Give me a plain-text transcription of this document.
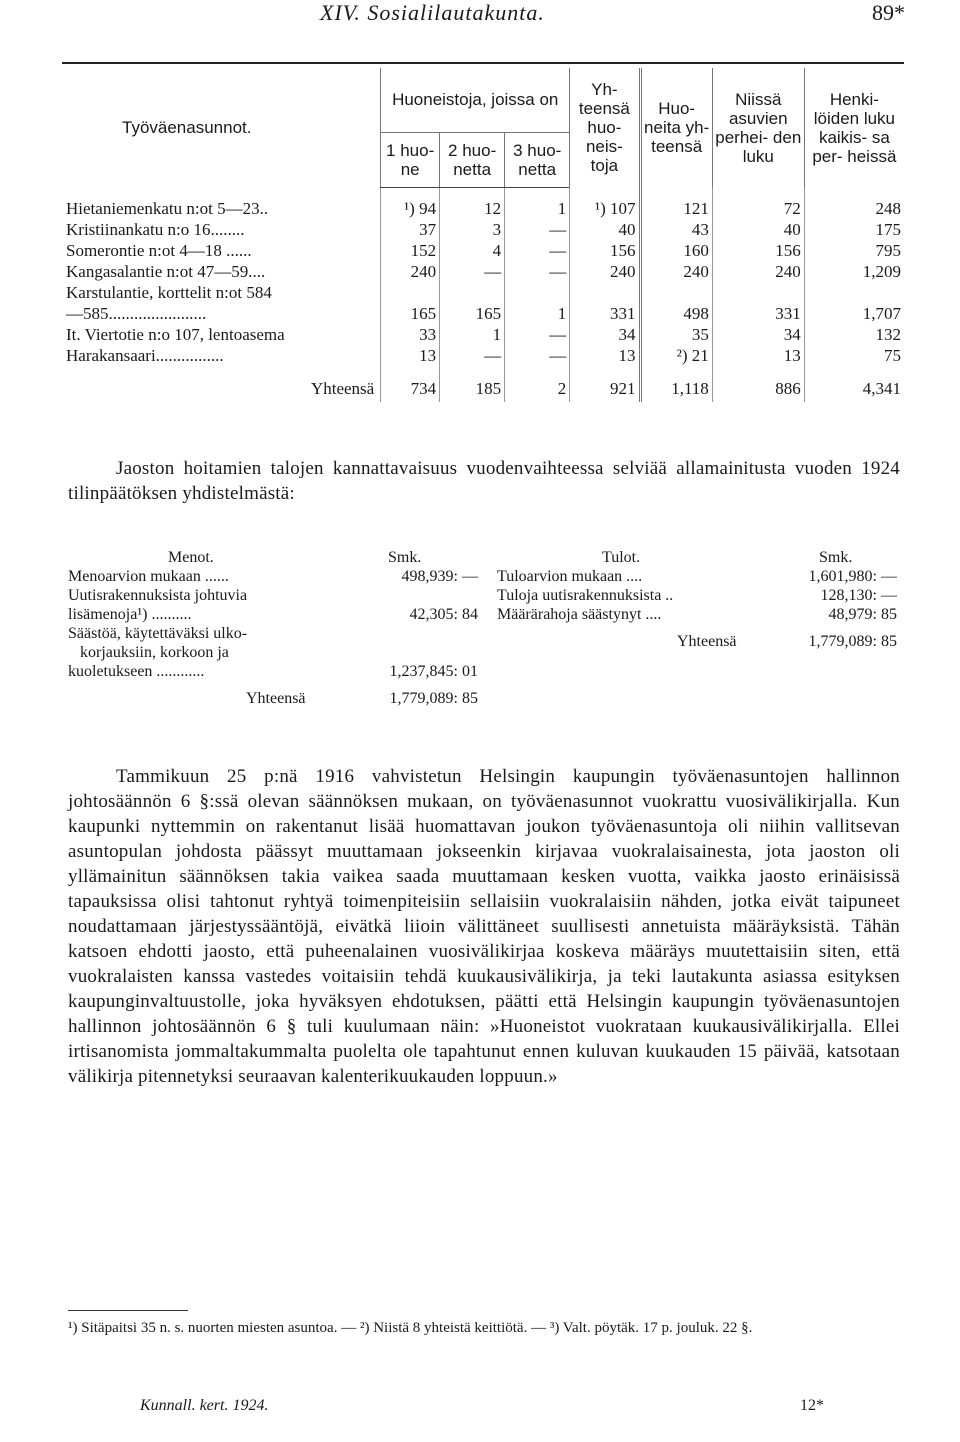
XIV. Sosialilautakunta.	89*
Työväenasunnot.	Huoneistoja, joissa on			Yh- teensä huo- neis- toja	Huo- neita yh- teensä	Niissä asuvien perhei- den luku	Henki- löiden luku kaikis- sa per- heissä
	1 huo- ne	2 huo- netta	3 huo- netta				

Hietaniemenkatu n:ot 5—23..	¹) 94	12	1	¹) 107	121	72	248
Kristiinankatu n:o 16........	37	3	—	40	43	40	175
Somerontie n:ot 4—18 ......	152	4	—	156	160	156	795
Kangasalantie n:ot 47—59....	240	—	—	240	240	240	1,209
Karstulantie, korttelit n:ot 584							
—585.......................	165	165	1	331	498	331	1,707
It. Viertotie n:o 107, lentoasema	33	1	—	34	35	34	132
Harakansaari................	13	—	—	13	²) 21	13	75

Yhteensä	734	185	2	921	1,118	886	4,341
Jaoston hoitamien talojen kannattavaisuus vuodenvaihteessa selviää allamainitusta vuoden 1924 tilinpäätöksen yhdistelmästä:
Menot.	Smk.
Menoarvion mukaan ......	498,939: —
Uutisrakennuksista johtuvia
lisämenoja¹) ..........	42,305: 84
Säästöä, käytettäväksi ulko-
korjauksiin, korkoon ja
kuoletukseen ............	1,237,845: 01
Yhteensä	1,779,089: 85
Tulot.	Smk.
Tuloarvion mukaan ....	1,601,980: —
Tuloja uutisrakennuksista ..	128,130: —
Määrärahoja säästynyt ....	48,979: 85
Yhteensä	1,779,089: 85
Tammikuun 25 p:nä 1916 vahvistetun Helsingin kaupungin työväenasuntojen hallinnon johtosäännön 6 §:ssä olevan säännöksen mukaan, on työväenasunnot vuokrattu vuosivälikirjalla. Kun kaupunki nyttemmin on rakentanut lisää huomattavan joukon työväenasuntoja oli niihin vallitsevan asuntopulan johdosta päässyt muuttamaan jokseenkin kirjavaa vuokralaisainesta, jota jaoston oli yllämainitun säännöksen takia vaikea saada muuttamaan kesken vuotta, vaikka jaosto erinäisissä tapauksissa olisi tahtonut ryhtyä toimenpiteisiin sellaisiin vuokralaisiin nähden, jotka eivät taipuneet noudattamaan järjestyssääntöjä, eivätkä liioin välittäneet suullisesti annetuista määräyksistä. Tähän katsoen ehdotti jaosto, että puheenalainen vuosivälikirjaa koskeva määräys muutettaisiin siten, että vuokralaisten kanssa vastedes voitaisiin tehdä kuukausivälikirja, ja teki lautakunta asiassa esityksen kaupunginvaltuustolle, joka hyväksyen ehdotuksen, päätti että Helsingin kaupungin työväenasuntojen hallinnon johtosäännön 6 § tuli kuulumaan näin: »Huoneistot vuokrataan kuukausivälikirjalla. Ellei irtisanomista jommaltakummalta puolelta ole tapahtunut ennen kuluvan kuukauden 15 päivää, katsotaan välikirja pitennetyksi seuraavan kalenterikuukauden loppuun.»
¹) Sitäpaitsi 35 n. s. nuorten miesten asuntoa. — ²) Niistä 8 yhteistä keittiötä. — ³) Valt. pöytäk. 17 p. jouluk. 22 §.
Kunnall. kert. 1924.	12*
